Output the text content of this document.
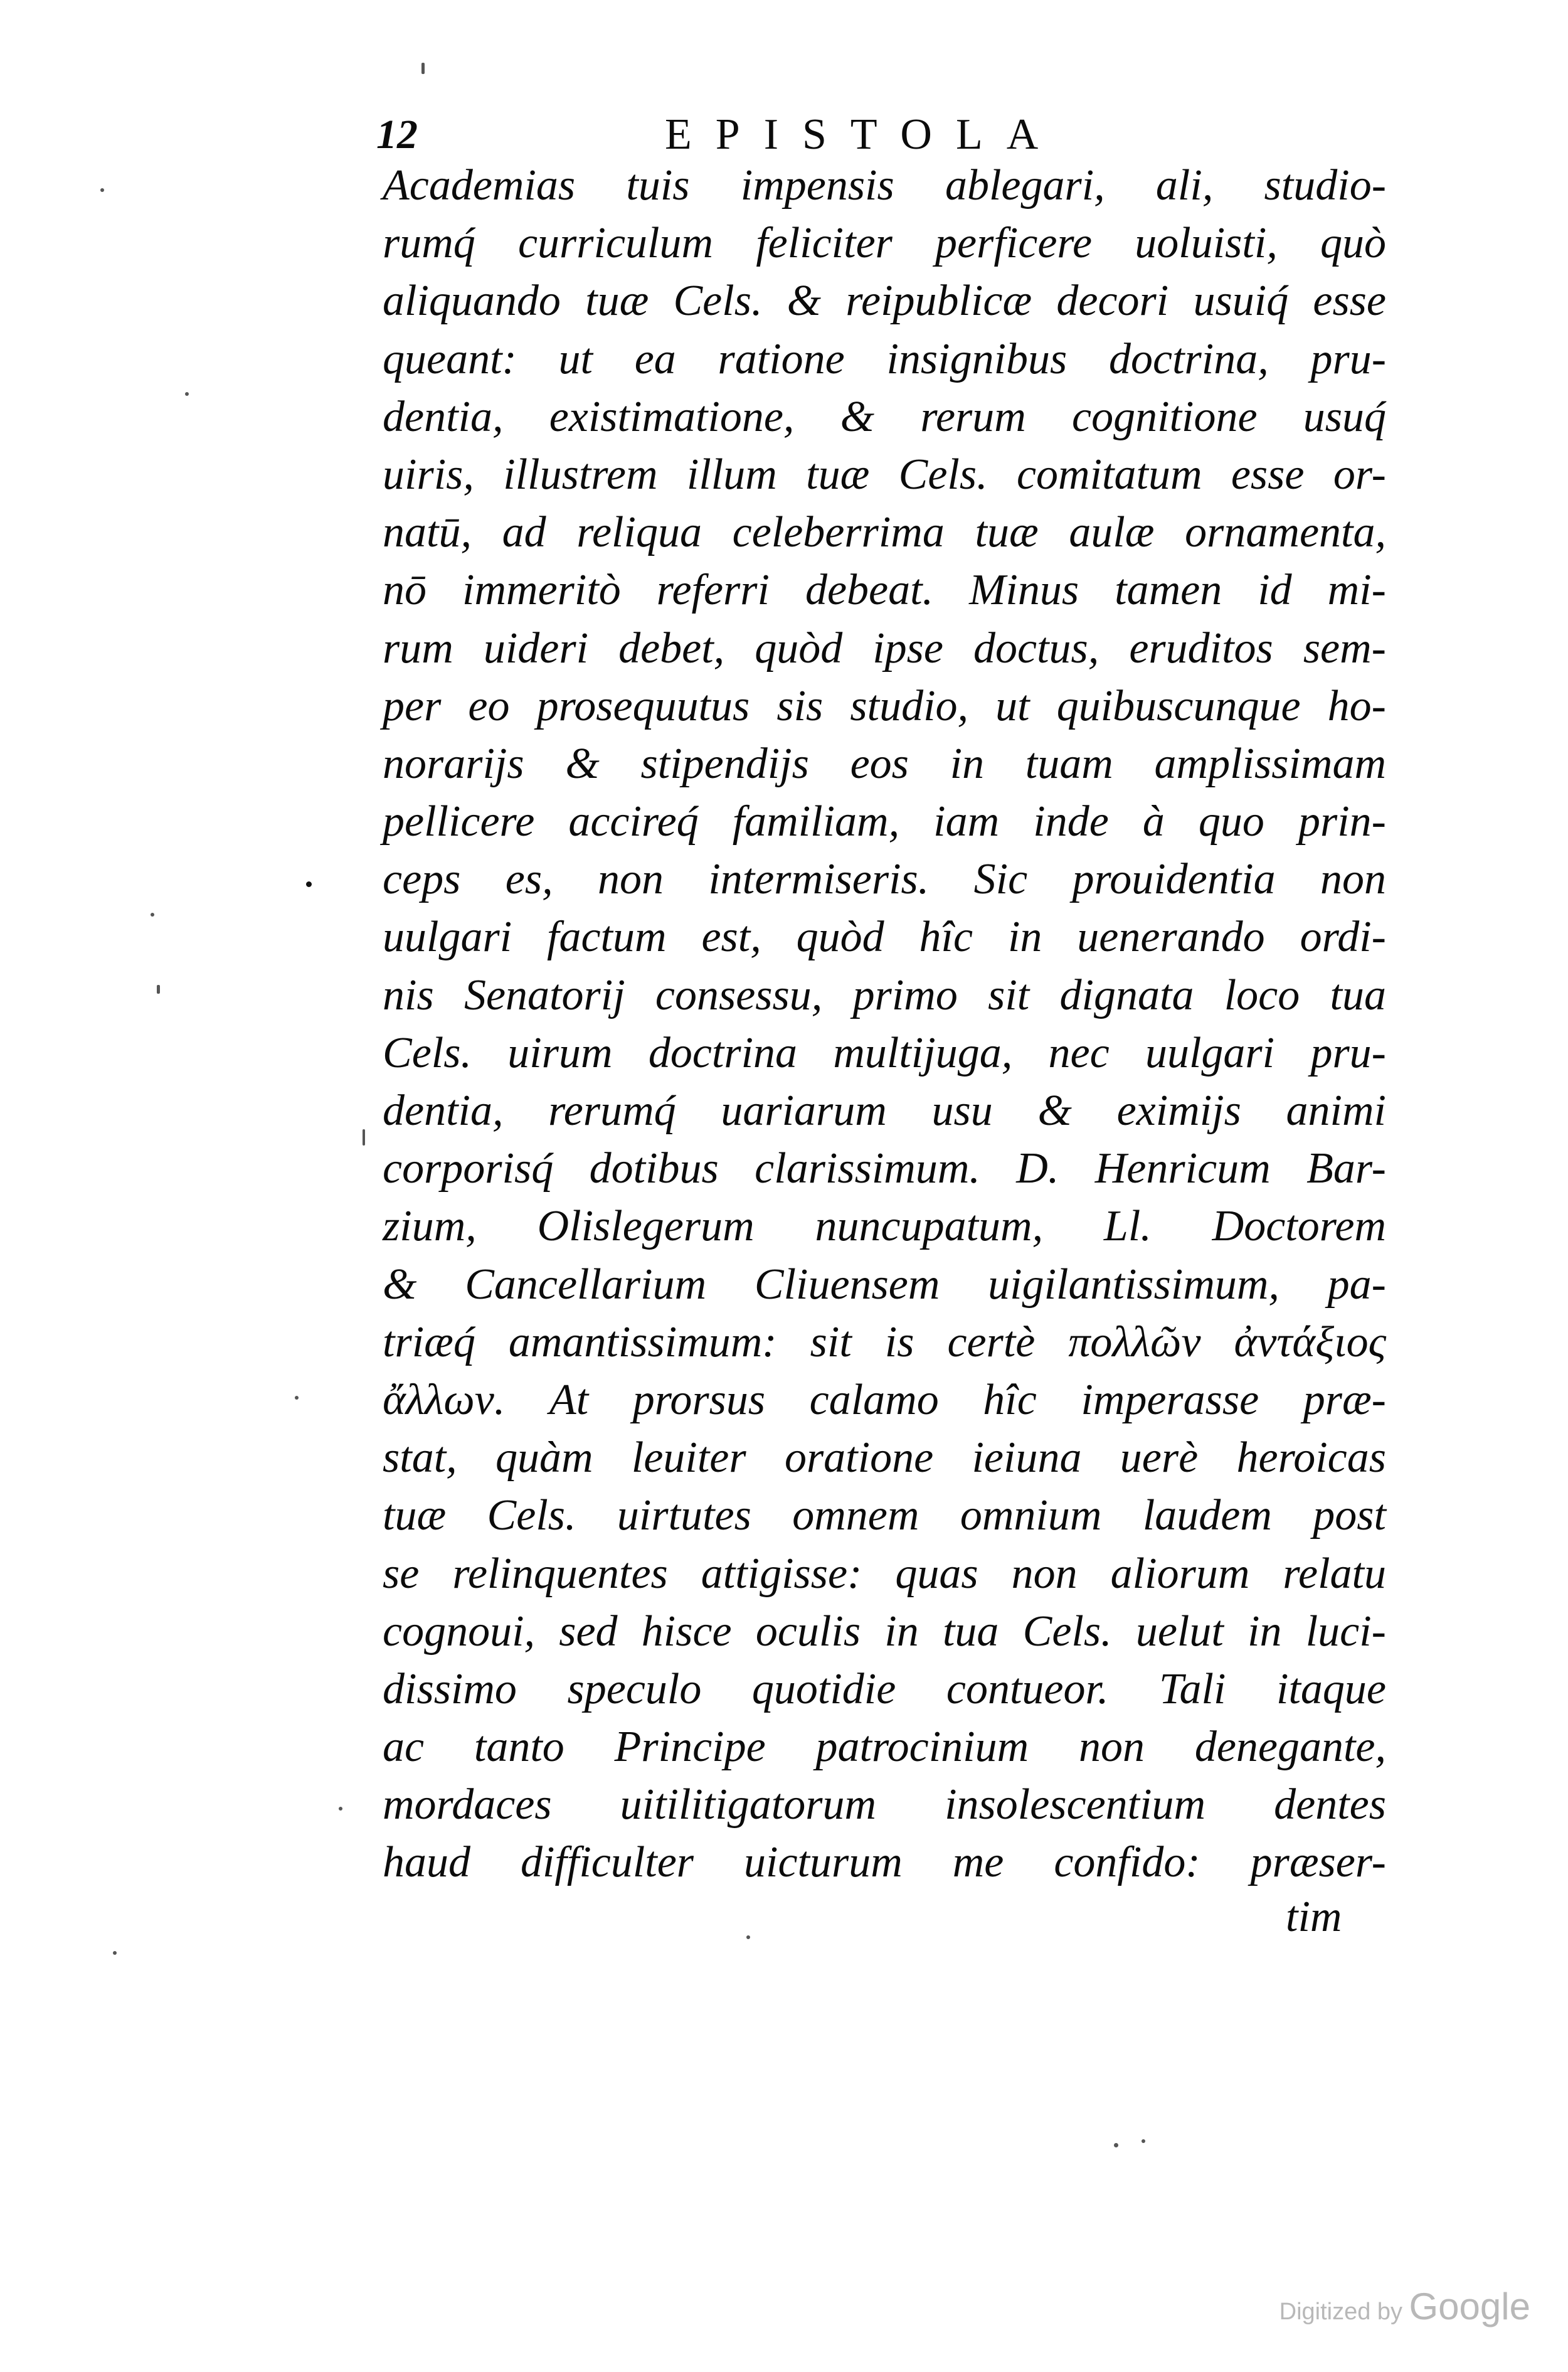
12	EPISTOLA
Academias tuis impensis ablegari, ali, studio-
rumq́ curriculum feliciter perficere uoluisti, quò
aliquando tuæ Cels. & reipublicæ decori usuiq́ esse
queant: ut ea ratione insignibus doctrina, pru-
dentia, existimatione, & rerum cognitione usuq́
uiris, illustrem illum tuæ Cels. comitatum esse or-
natū, ad reliqua celeberrima tuæ aulæ ornamenta,
nō immeritò referri debeat. Minus tamen id mi-
rum uideri debet, quòd ipse doctus, eruditos sem-
per eo prosequutus sis studio, ut quibuscunque ho-
norarijs & stipendijs eos in tuam amplissimam
pellicere accireq́ familiam, iam inde à quo prin-
ceps es, non intermiseris. Sic prouidentia non
uulgari factum est, quòd hîc in uenerando ordi-
nis Senatorij consessu, primo sit dignata loco tua
Cels. uirum doctrina multijuga, nec uulgari pru-
dentia, rerumq́ uariarum usu & eximijs animi
corporisq́ dotibus clarissimum. D. Henricum Bar-
zium, Olislegerum nuncupatum, Ll. Doctorem
& Cancellarium Cliuensem uigilantissimum, pa-
triæq́ amantissimum: sit is certè πολλῶν ἀντάξιος
ἄλλων. At prorsus calamo hîc imperasse præ-
stat, quàm leuiter oratione ieiuna uerè heroicas
tuæ Cels. uirtutes omnem omnium laudem post
se relinquentes attigisse: quas non aliorum relatu
cognoui, sed hisce oculis in tua Cels. uelut in luci-
dissimo speculo quotidie contueor. Tali itaque
ac tanto Principe patrocinium non denegante,
mordaces uitilitigatorum insolescentium dentes
haud difficulter uicturum me confido: præser-
tim
Digitized by Google
